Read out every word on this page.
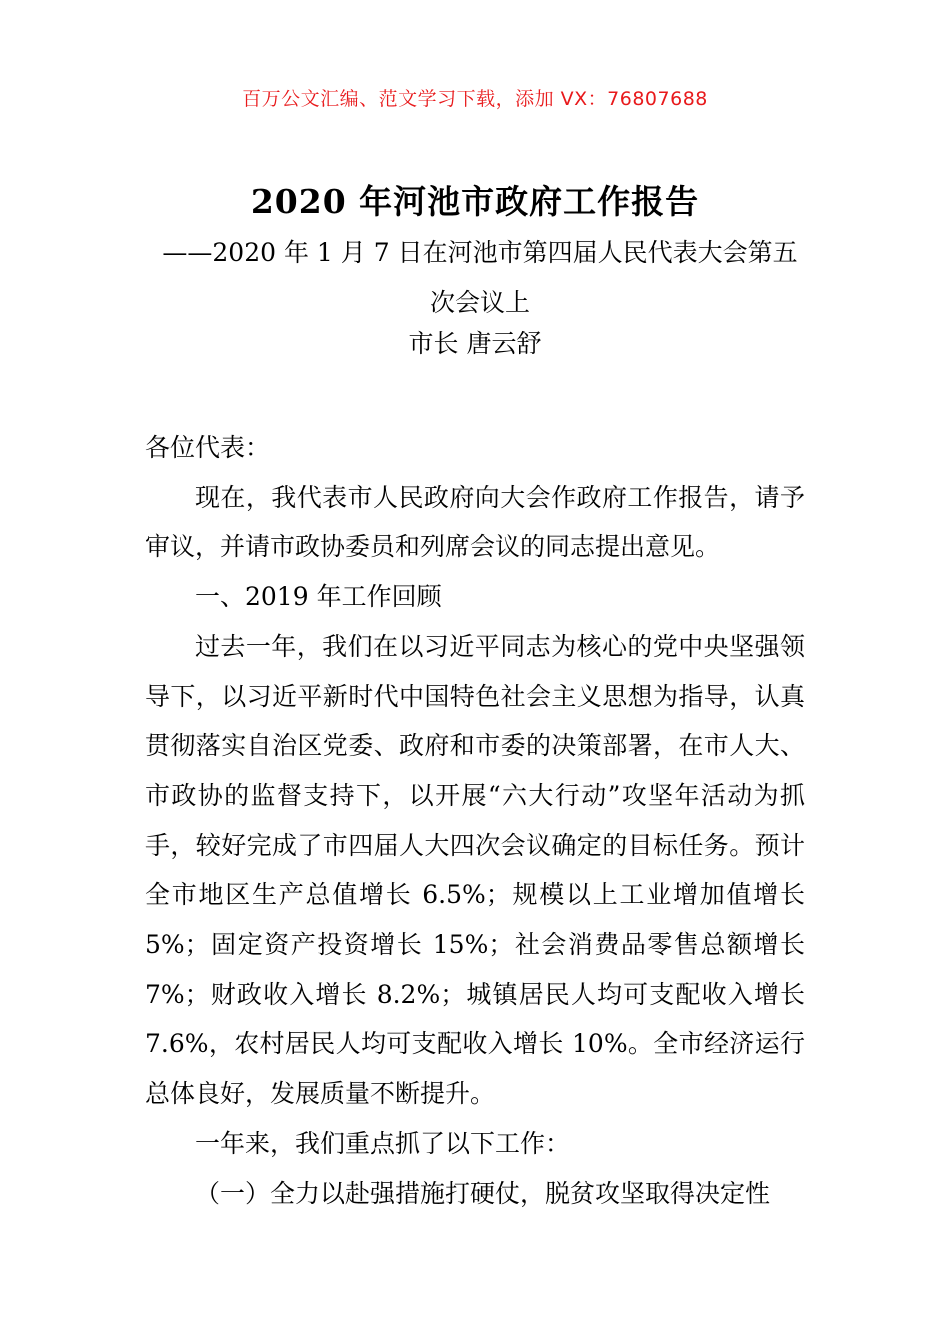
百万公文汇编、范文学习下载，添加 VX：76807688
2020 年河池市政府工作报告
——2020 年 1 月 7 日在河池市第四届人民代表大会第五次会议上
市长 唐云舒

各位代表：

现在，我代表市人民政府向大会作政府工作报告，请予审议，并请市政协委员和列席会议的同志提出意见。

一、2019 年工作回顾

过去一年，我们在以习近平同志为核心的党中央坚强领导下，以习近平新时代中国特色社会主义思想为指导，认真贯彻落实自治区党委、政府和市委的决策部署，在市人大、市政协的监督支持下，以开展“六大行动”攻坚年活动为抓手，较好完成了市四届人大四次会议确定的目标任务。预计全市地区生产总值增长 6.5%；规模以上工业增加值增长 5%；固定资产投资增长 15%；社会消费品零售总额增长 7%；财政收入增长 8.2%；城镇居民人均可支配收入增长 7.6%，农村居民人均可支配收入增长 10%。全市经济运行总体良好，发展质量不断提升。

一年来，我们重点抓了以下工作：

（一）全力以赴强措施打硬仗，脱贫攻坚取得决定性
